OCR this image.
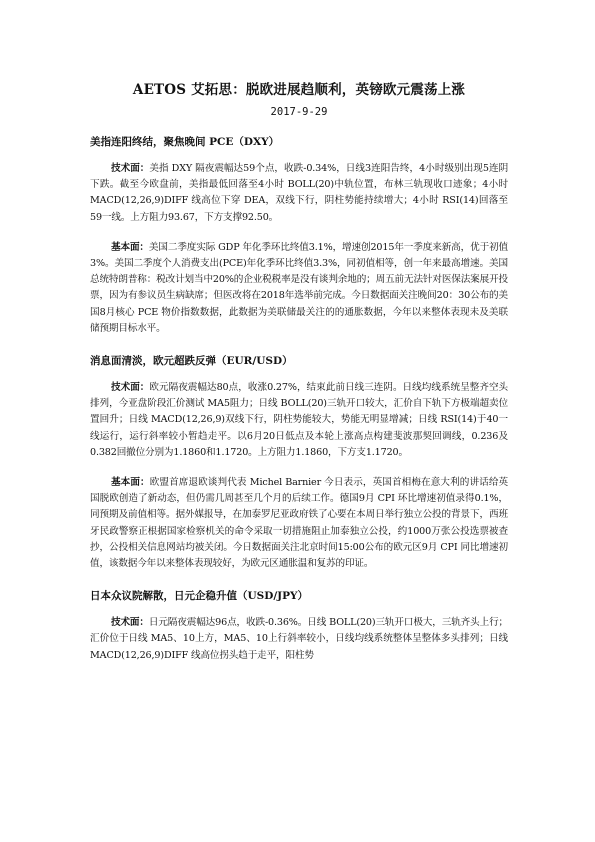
AETOS 艾拓思：脱欧进展趋顺利，英镑欧元震荡上涨
2017-9-29
美指连阳终结，聚焦晚间 PCE（DXY）

技术面：美指 DXY 隔夜震幅达59个点，收跌-0.34%，日线3连阳告终，4小时级别出现5连阴下跌。截至今欧盘前，美指最低回落至4小时 BOLL(20)中轨位置，布林三轨现收口迹象；4小时 MACD(12,26,9)DIFF 线高位下穿 DEA，双线下行，阴柱势能持续增大；4小时 RSI(14)回落至59一线。上方阻力93.67，下方支撑92.50。

基本面：美国二季度实际 GDP 年化季环比终值3.1%，增速创2015年一季度来新高，优于初值3%。美国二季度个人消费支出(PCE)年化季环比终值3.3%，同初值相等，创一年来最高增速。美国总统特朗普称：税改计划当中20%的企业税税率是没有谈判余地的；周五前无法针对医保法案展开投票，因为有参议员生病缺席；但医改将在2018年选举前完成。今日数据面关注晚间20：30公布的美国8月核心 PCE 物价指数数据，此数据为美联储最关注的的通胀数据，今年以来整体表现未及美联储预期目标水平。

消息面清淡，欧元超跌反弹（EUR/USD）

技术面：欧元隔夜震幅达80点，收涨0.27%，结束此前日线三连阴。日线均线系统呈整齐空头排列，今亚盘阶段汇价测试 MA5阻力；日线 BOLL(20)三轨开口较大，汇价自下轨下方极端超卖位置回升；日线 MACD(12,26,9)双线下行，阴柱势能较大，势能无明显增减；日线 RSI(14)于40一线运行，运行斜率较小暂趋走平。以6月20日低点及本轮上涨高点构建斐波那契回调线，0.236及0.382回撤位分别为1.1860和1.1720。上方阻力1.1860，下方支1.1720。

基本面：欧盟首席退欧谈判代表 Michel Barnier 今日表示，英国首相梅在意大利的讲话给英国脱欧创造了新动态，但仍需几周甚至几个月的后续工作。德国9月 CPI 环比增速初值录得0.1%，同预期及前值相等。据外媒报导，在加泰罗尼亚政府铁了心要在本周日举行独立公投的背景下，西班牙民政警察正根据国家检察机关的命令采取一切措施阻止加泰独立公投，约1000万张公投选票被查抄，公投相关信息网站均被关闭。今日数据面关注北京时间15:00公布的欧元区9月 CPI 同比增速初值，该数据今年以来整体表现较好，为欧元区通胀温和复苏的印证。

日本众议院解散，日元企稳升值（USD/JPY）

技术面：日元隔夜震幅达96点，收跌-0.36%。日线 BOLL(20)三轨开口极大，三轨齐头上行；汇价位于日线 MA5、10上方，MA5、10上行斜率较小，日线均线系统整体呈整体多头排列；日线 MACD(12,26,9)DIFF 线高位拐头趋于走平，阳柱势
